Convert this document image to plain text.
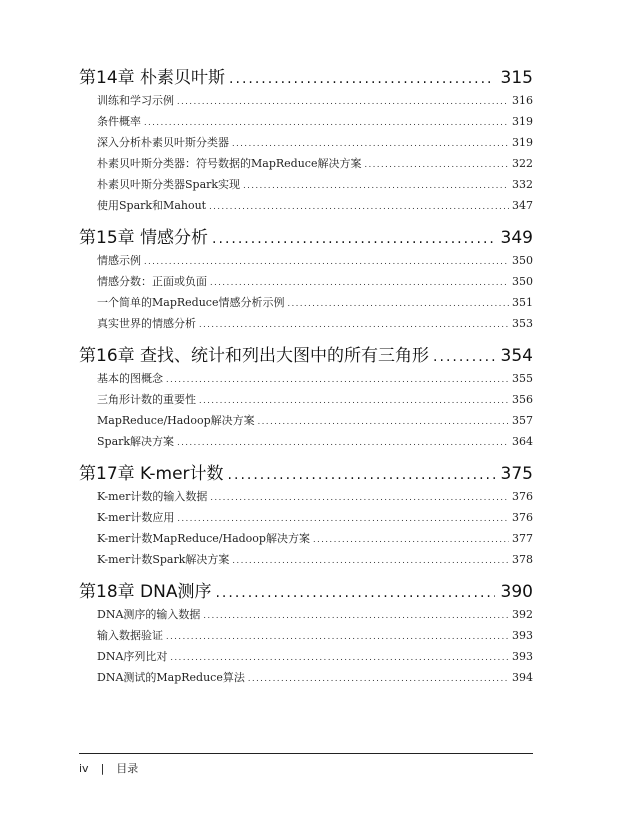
第14章 朴素贝叶斯 .....	315
训练和学习示例 .....	316
条件概率 .....	319
深入分析朴素贝叶斯分类器 .....	319
朴素贝叶斯分类器：符号数据的MapReduce解决方案 .....	322
朴素贝叶斯分类器Spark实现 .....	332
使用Spark和Mahout .....	347
第15章 情感分析 .....	349
情感示例 .....	350
情感分数：正面或负面 .....	350
一个简单的MapReduce情感分析示例 .....	351
真实世界的情感分析 .....	353
第16章 查找、统计和列出大图中的所有三角形 .....	354
基本的图概念 .....	355
三角形计数的重要性 .....	356
MapReduce/Hadoop解决方案 .....	357
Spark解决方案 .....	364
第17章 K-mer计数 .....	375
K-mer计数的输入数据 .....	376
K-mer计数应用 .....	376
K-mer计数MapReduce/Hadoop解决方案 .....	377
K-mer计数Spark解决方案 .....	378
第18章 DNA测序 .....	390
DNA测序的输入数据 .....	392
输入数据验证 .....	393
DNA序列比对 .....	393
DNA测试的MapReduce算法 .....	394
iv | 目录
